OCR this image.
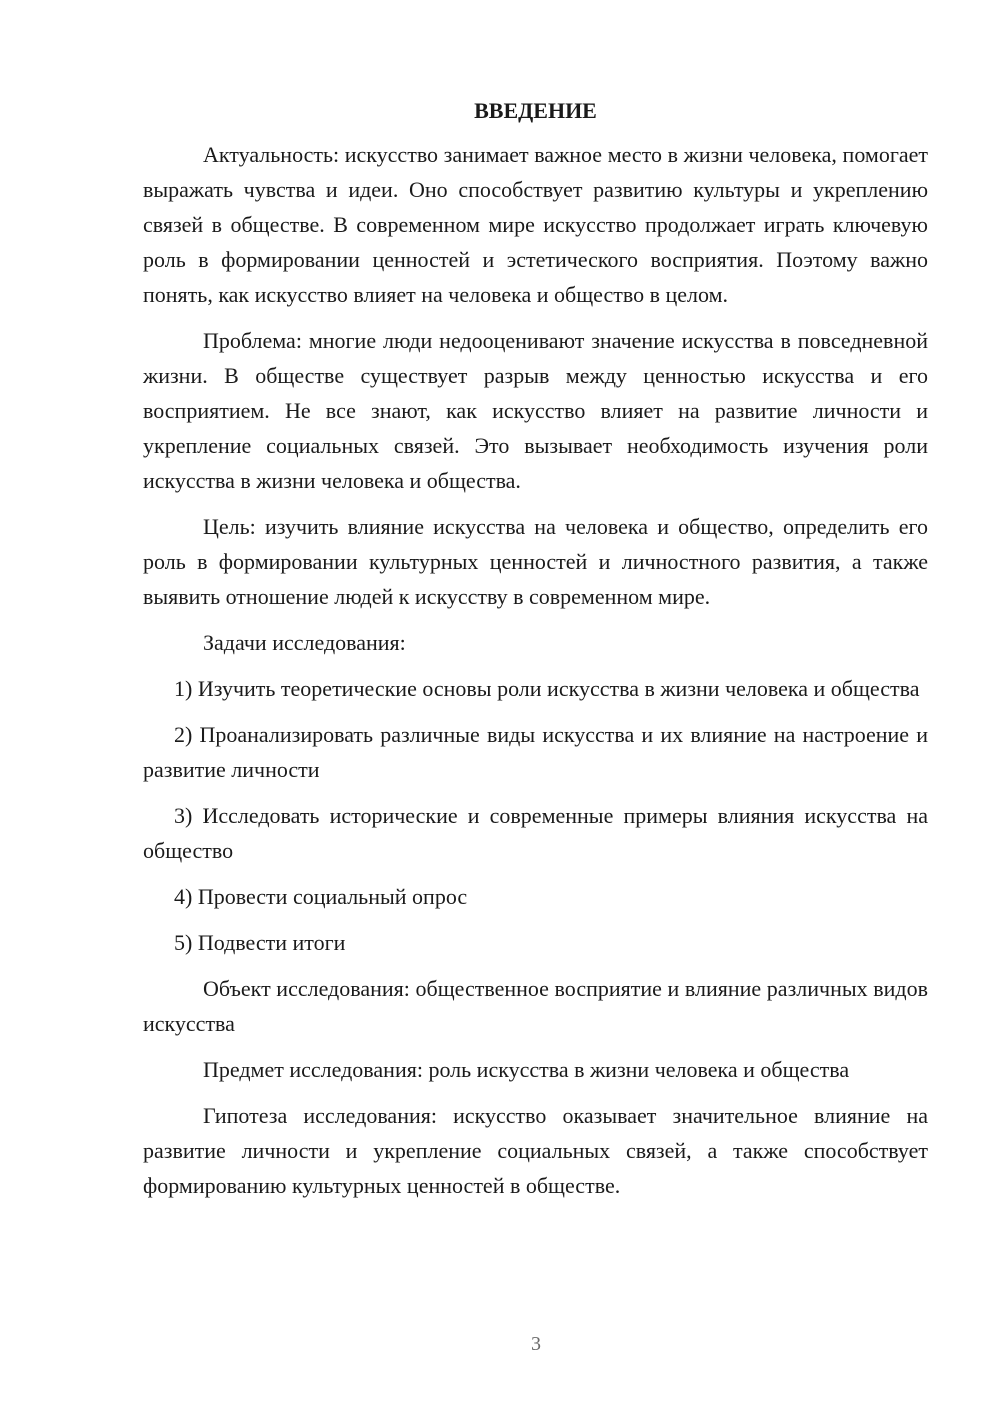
ВВЕДЕНИЕ

Актуальность: искусство занимает важное место в жизни человека, помогает выражать чувства и идеи. Оно способствует развитию культуры и укреплению связей в обществе. В современном мире искусство продолжает играть ключевую роль в формировании ценностей и эстетического восприятия. Поэтому важно понять, как искусство влияет на человека и общество в целом.

Проблема: многие люди недооценивают значение искусства в повседневной жизни. В обществе существует разрыв между ценностью искусства и его восприятием. Не все знают, как искусство влияет на развитие личности и укрепление социальных связей. Это вызывает необходимость изучения роли искусства в жизни человека и общества.

Цель: изучить влияние искусства на человека и общество, определить его роль в формировании культурных ценностей и личностного развития, а также выявить отношение людей к искусству в современном мире.

Задачи исследования:

1) Изучить теоретические основы роли искусства в жизни человека и общества

2) Проанализировать различные виды искусства и их влияние на настроение и развитие личности

3) Исследовать исторические и современные примеры влияния искусства на общество

4) Провести социальный опрос

5) Подвести итоги

Объект исследования: общественное восприятие и влияние различных видов искусства

Предмет исследования: роль искусства в жизни человека и общества

Гипотеза исследования: искусство оказывает значительное влияние на развитие личности и укрепление социальных связей, а также способствует формированию культурных ценностей в обществе.

3
